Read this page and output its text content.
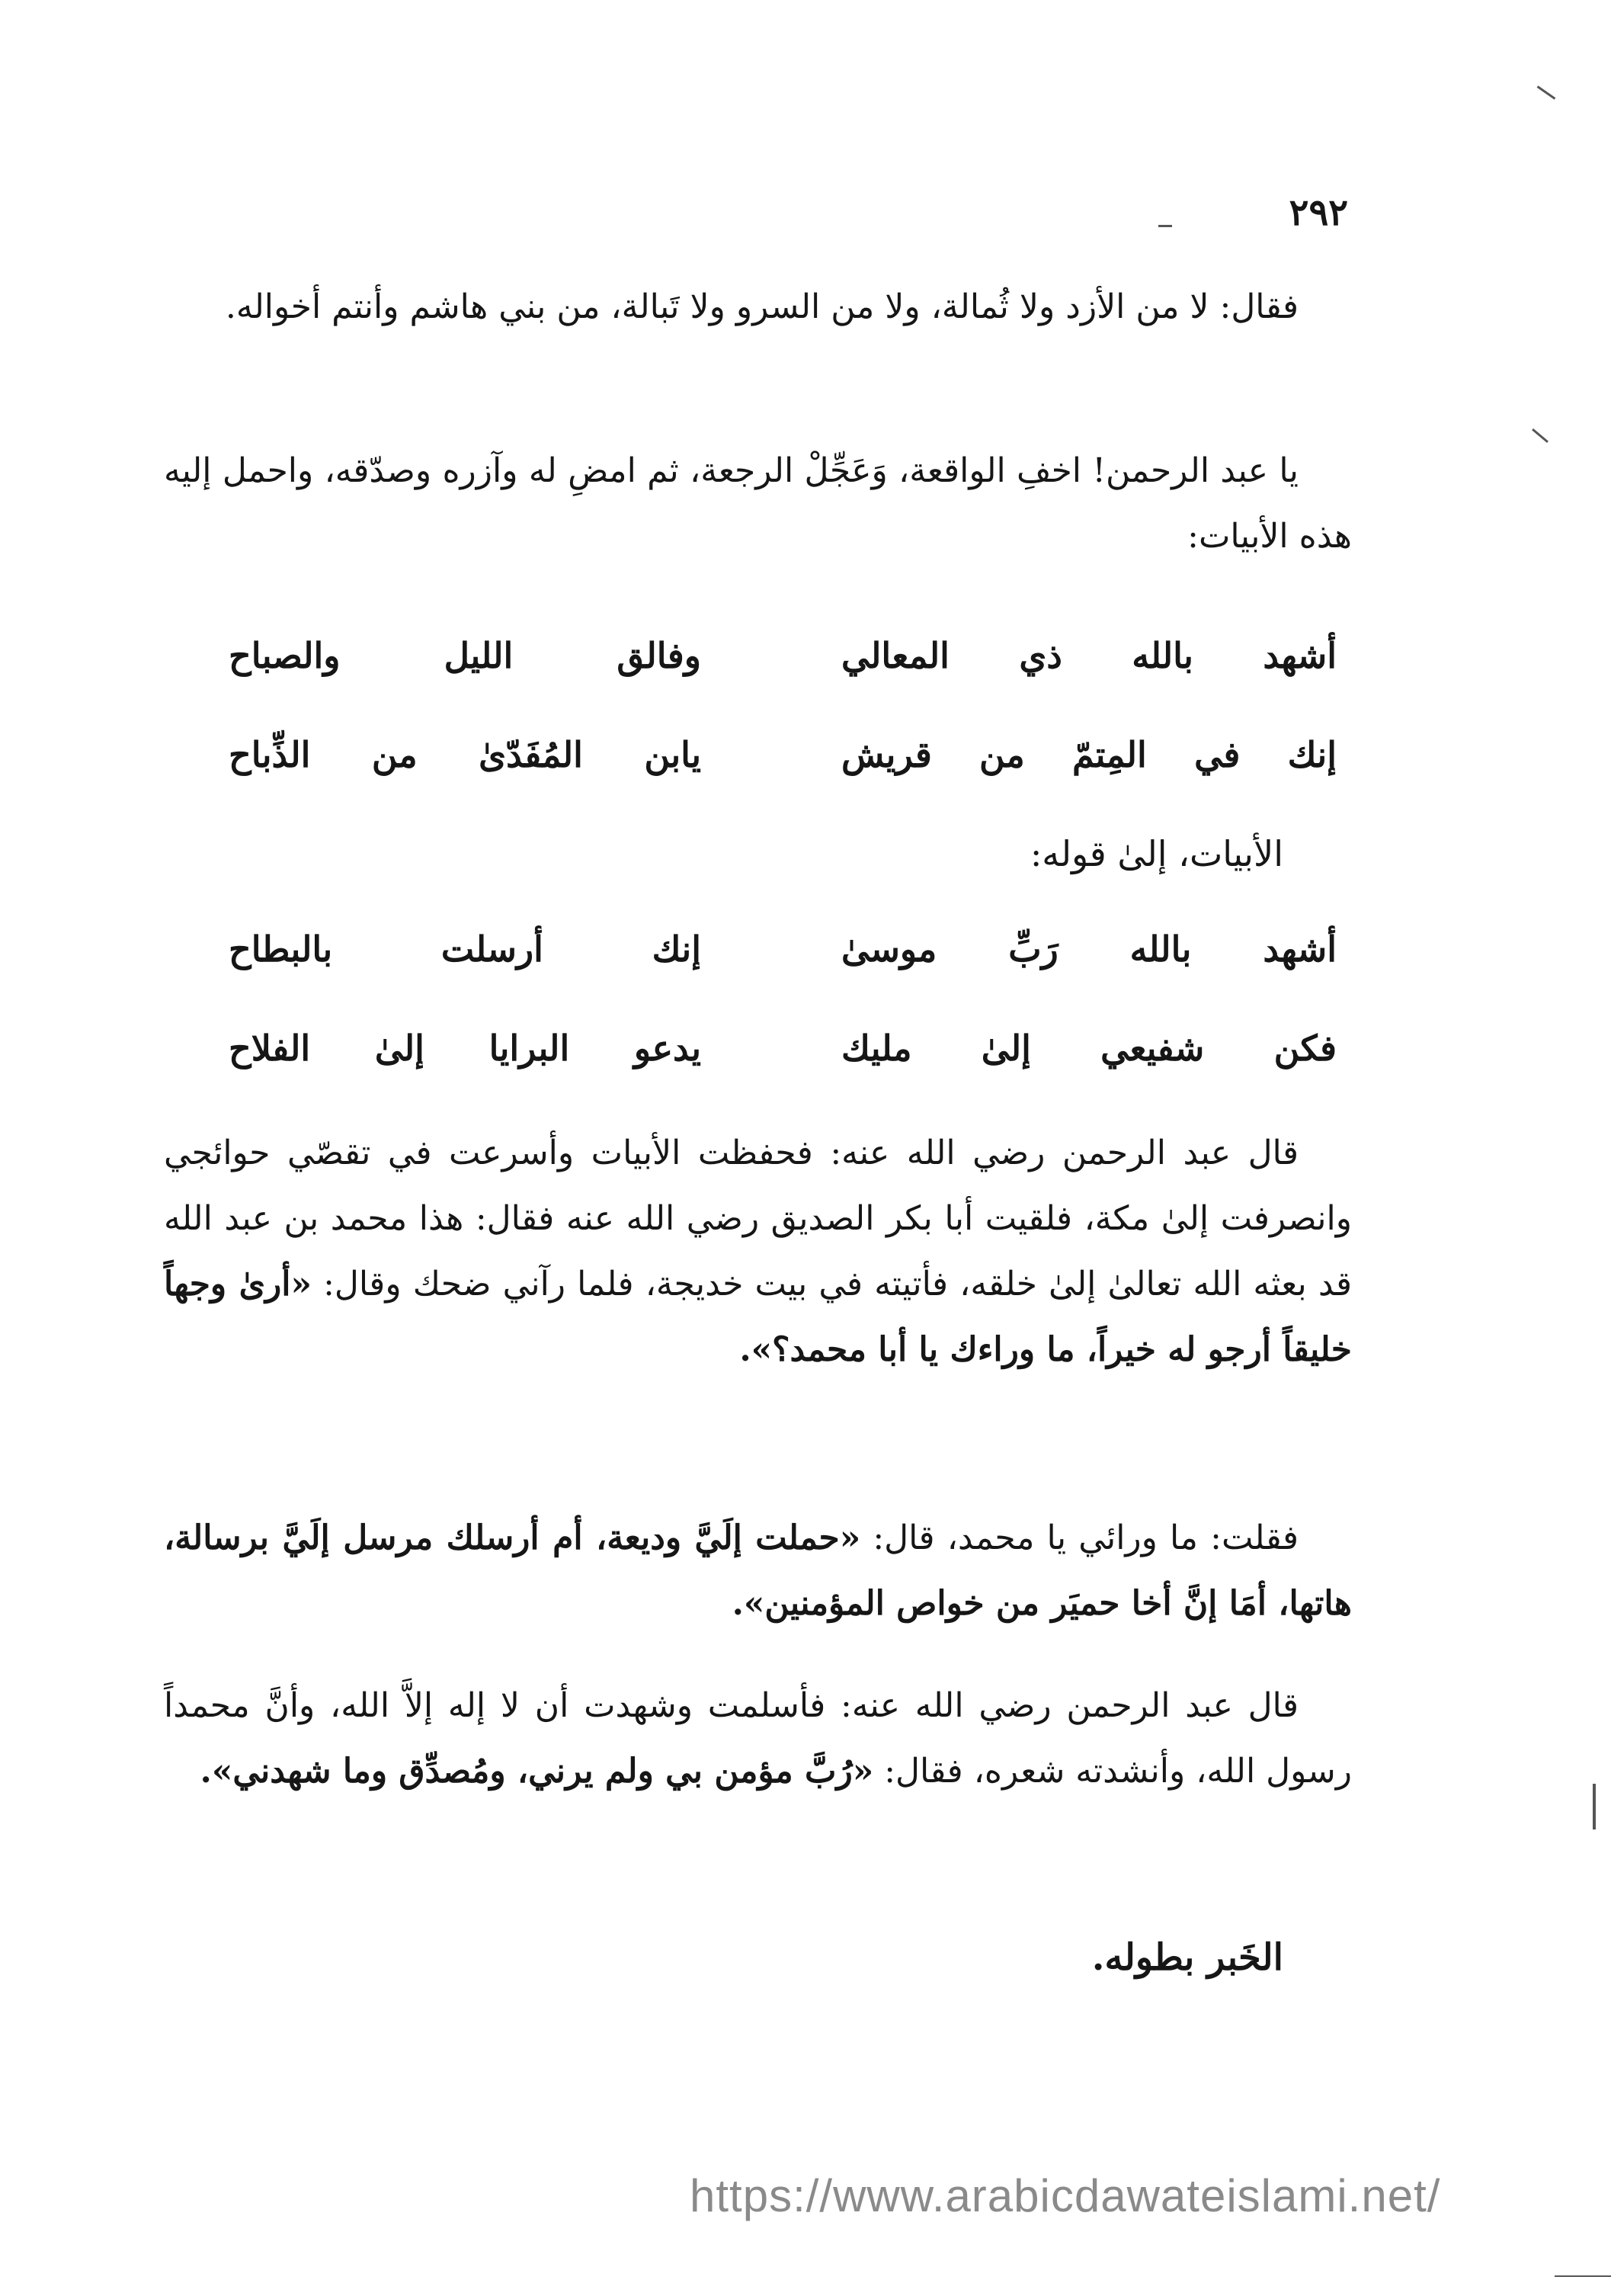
٢٩٢

فقال: لا من الأزد ولا ثُمالة، ولا من السرو ولا تَبالة، من بني هاشم وأنتم أخواله.

يا عبد الرحمن! اخفِ الواقعة، وَعَجِّلْ الرجعة، ثم امضِ له وآزره وصدّقه، واحمل إليه هذه الأبيات:

أشهد بالله ذي المعالي
وفالق الليل والصباح
إنك في المِتمّ من قريش
يابن المُفَدّىٰ من الذِّباح
الأبيات، إلىٰ قوله:
أشهد بالله رَبِّ موسىٰ
إنك أرسلت بالبطاح
فكن شفيعي إلىٰ مليك
يدعو البرايا إلىٰ الفلاح

قال عبد الرحمن رضي الله عنه: فحفظت الأبيات وأسرعت في تقصّي حوائجي وانصرفت إلىٰ مكة، فلقيت أبا بكر الصديق رضي الله عنه فقال: هذا محمد بن عبد الله قد بعثه الله تعالىٰ إلىٰ خلقه، فأتيته في بيت خديجة، فلما رآني ضحك وقال: «أرىٰ وجهاً خليقاً أرجو له خيراً، ما وراءك يا أبا محمد؟».

فقلت: ما ورائي يا محمد، قال: «حملت إلَيَّ وديعة، أم أرسلك مرسل إلَيَّ برسالة، هاتها، أمَا إنَّ أخا حميَر من خواص المؤمنين».

قال عبد الرحمن رضي الله عنه: فأسلمت وشهدت أن لا إله إلاَّ الله، وأنَّ محمداً رسول الله، وأنشدته شعره، فقال: «رُبَّ مؤمن بي ولم يرني، ومُصدِّق وما شهدني».

الخَبر بطوله.
https://www.arabicdawateislami.net/
